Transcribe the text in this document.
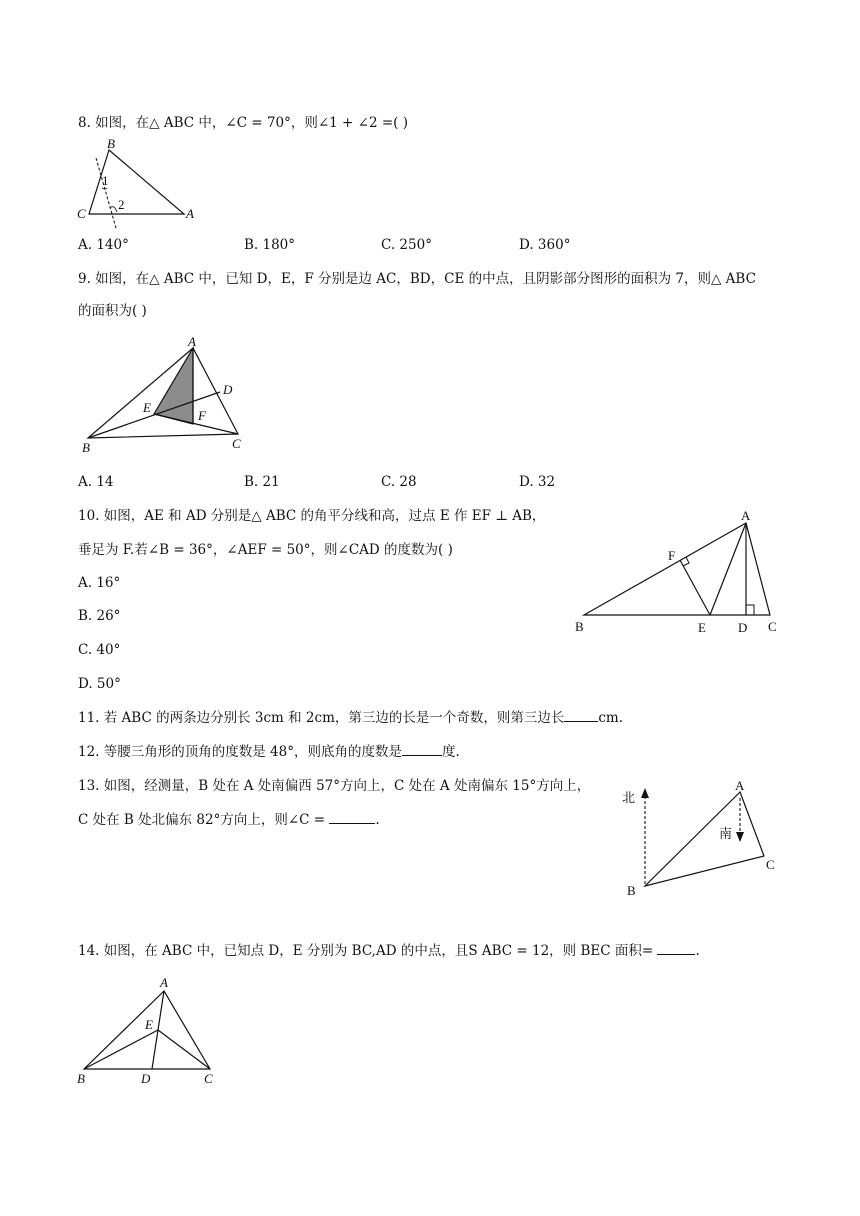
8. 如图，在△ ABC 中，∠C = 70°，则∠1 + ∠2 =( )
B
C	A
1
2
A. 140°	B. 180°	C. 250°	D. 360°
9. 如图，在△ ABC 中，已知 D，E，F 分别是边 AC，BD，CE 的中点，且阴影部分图形的面积为 7，则△ ABC
的面积为( )
A
B	C
D
E
F
A. 14	B. 21	C. 28	D. 32
10. 如图，AE 和 AD 分别是△ ABC 的角平分线和高，过点 E 作 EF ⊥ AB，
垂足为 F.若∠B = 36°，∠AEF = 50°，则∠CAD 的度数为( )
A. 16°
B. 26°
C. 40°
D. 50°
A
B	C
D
E
F
11. 若 ABC 的两条边分别长 3cm 和 2cm，第三边的长是一个奇数，则第三边长	cm.
12. 等腰三角形的顶角的度数是 48°，则底角的度数是	度.
13. 如图，经测量，B 处在 A 处南偏西 57°方向上，C 处在 A 处南偏东 15°方向上，
C 处在 B 处北偏东 82°方向上，则∠C =	.
北
南
A
B
C
14. 如图，在 ABC 中，已知点 D，E 分别为 BC,AD 的中点，且S ABC = 12，则 BEC 面积=	.
A
B	C
D
E
